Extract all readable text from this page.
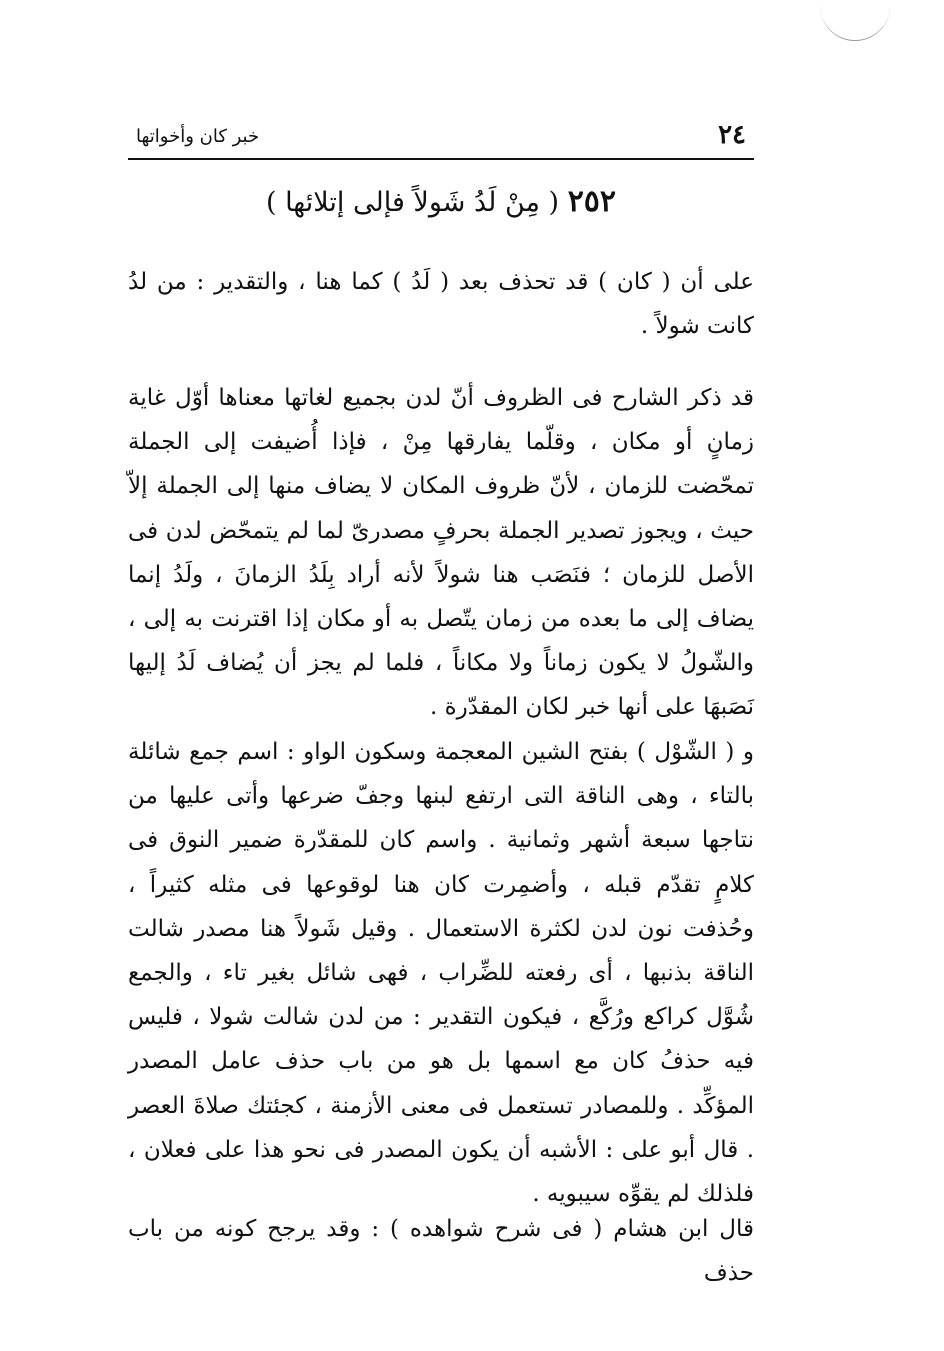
٢٤
خبر كان وأخواتها
٢٥٢ ( مِنْ لَدُ شَولاً فإلى إتلائها )

على أن ( كان ) قد تحذف بعد ( لَدُ ) كما هنا ، والتقدير : من لدُ كانت شولاً .

قد ذكر الشارح فى الظروف أنّ لدن بجميع لغاتها معناها أوّل غاية زمانٍ أو مكان ، وقلّما يفارقها مِنْ ، فإذا أُضيفت إلى الجملة تمحّضت للزمان ، لأنّ ظروف المكان لا يضاف منها إلى الجملة إلاّ حيث ، ويجوز تصدير الجملة بحرفٍ مصدرىّ لما لم يتمحّض لدن فى الأصل للزمان ؛ فنَصَب هنا شولاً لأنه أراد بِلَدُ الزمانَ ، ولَدُ إنما يضاف إلى ما بعده من زمان يتّصل به أو مكان إذا اقترنت به إلى ، والشّولُ لا يكون زماناً ولا مكاناً ، فلما لم يجز أن يُضاف لَدُ إليها نَصَبهَا على أنها خبر لكان المقدّرة .

و ( الشّوْل ) بفتح الشين المعجمة وسكون الواو : اسم جمع شائلة بالتاء ، وهى الناقة التى ارتفع لبنها وجفّ ضرعها وأتى عليها من نتاجها سبعة أشهر وثمانية . واسم كان للمقدّرة ضمير النوق فى كلامٍ تقدّم قبله ، وأضمِرت كان هنا لوقوعها فى مثله كثيراً ، وحُذفت نون لدن لكثرة الاستعمال . وقيل شَولاً هنا مصدر شالت الناقة بذنبها ، أى رفعته للضِّراب ، فهى شائل بغير تاء ، والجمع شُوَّل كراكع ورُكَّع ، فيكون التقدير : من لدن شالت شولا ، فليس فيه حذفُ كان مع اسمها بل هو من باب حذف عامل المصدر المؤكِّد . وللمصادر تستعمل فى معنى الأزمنة ، كجئتك صلاةَ العصر . قال أبو على : الأشبه أن يكون المصدر فى نحو هذا على فعلان ، فلذلك لم يقوِّه سيبويه .

قال ابن هشام ( فى شرح شواهده ) : وقد يرجح كونه من باب حذف
